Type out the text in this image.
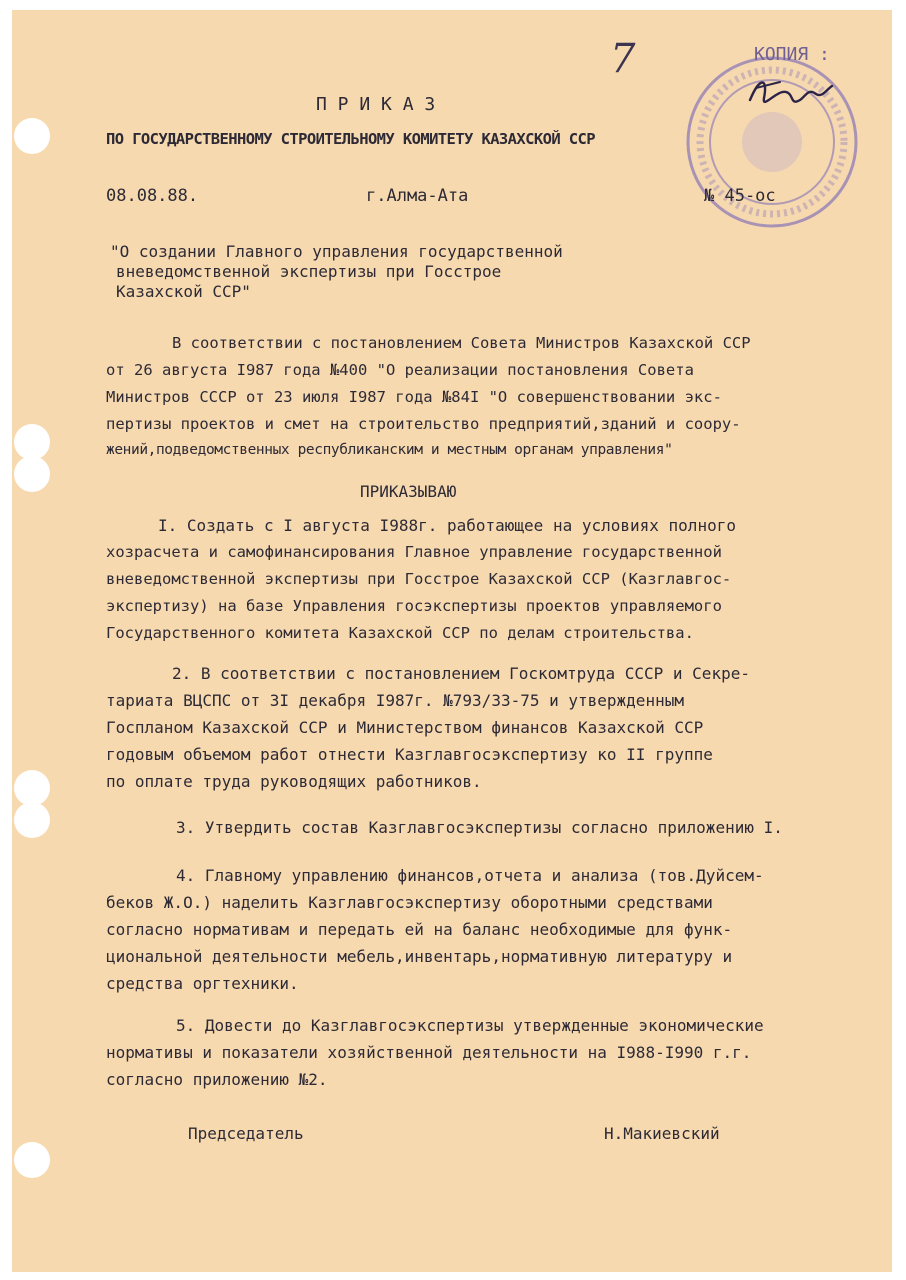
7	КОПИЯ :
П Р И К А З
ПО ГОСУДАРСТВЕННОМУ СТРОИТЕЛЬНОМУ КОМИТЕТУ КАЗАХСКОЙ ССР
08.08.88.	г.Алма-Ата	№ 45-ос
"О создании Главного управления государственной
вневедомственной экспертизы при Госстрое
Казахской ССР"
В соответствии с постановлением Совета Министров Казахской ССР
от 26 августа I987 года №400 "О реализации постановления Совета
Министров СССР от 23 июля I987 года №84I "О совершенствовании экс-
пертизы проектов и смет на строительство предприятий,зданий и соору-
жений,подведомственных республиканским и местным органам управления"
ПРИКАЗЫВАЮ
I. Создать с I августа I988г. работающее на условиях полного
хозрасчета и самофинансирования Главное управление государственной
вневедомственной экспертизы при Госстрое Казахской ССР (Казглавгос-
экспертизу) на базе Управления госэкспертизы проектов управляемого
Государственного комитета Казахской ССР по делам строительства.
2. В соответствии с постановлением Госкомтруда СССР и Секре-
тариата ВЦСПС от 3I декабря I987г. №793/33-75 и утвержденным
Госпланом Казахской ССР и Министерством финансов Казахской ССР
годовым объемом работ отнести Казглавгосэкспертизу ко II группе
по оплате труда руководящих работников.
3. Утвердить состав Казглавгосэкспертизы согласно приложению I.
4. Главному управлению финансов,отчета и анализа (тов.Дуйсем-
беков Ж.О.) наделить Казглавгосэкспертизу оборотными средствами
согласно нормативам и передать ей на баланс необходимые для функ-
циональной деятельности мебель,инвентарь,нормативную литературу и
средства оргтехники.
5. Довести до Казглавгосэкспертизы утвержденные экономические
нормативы и показатели хозяйственной деятельности на I988-I990 г.г.
согласно приложению №2.
Председатель	Н.Макиевский
